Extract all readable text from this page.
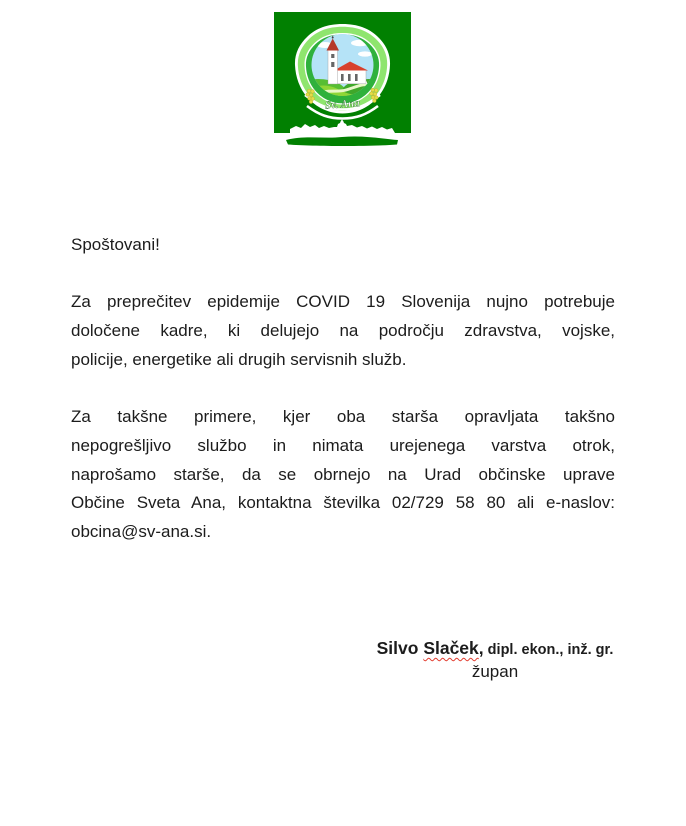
Sv. Ana
Spoštovani!
Za preprečitev epidemije COVID 19 Slovenija nujno potrebuje
določene kadre, ki delujejo na področju zdravstva, vojske,
policije, energetike ali drugih servisnih služb.
Za takšne primere, kjer oba starša opravljata takšno
nepogrešljivo službo in nimata urejenega varstva otrok,
naprošamo starše, da se obrnejo na Urad občinske uprave
Občine Sveta Ana, kontaktna številka 02/729 58 80 ali e-naslov:
obcina@sv-ana.si.
Silvo Slaček, dipl. ekon., inž. gr.
župan
